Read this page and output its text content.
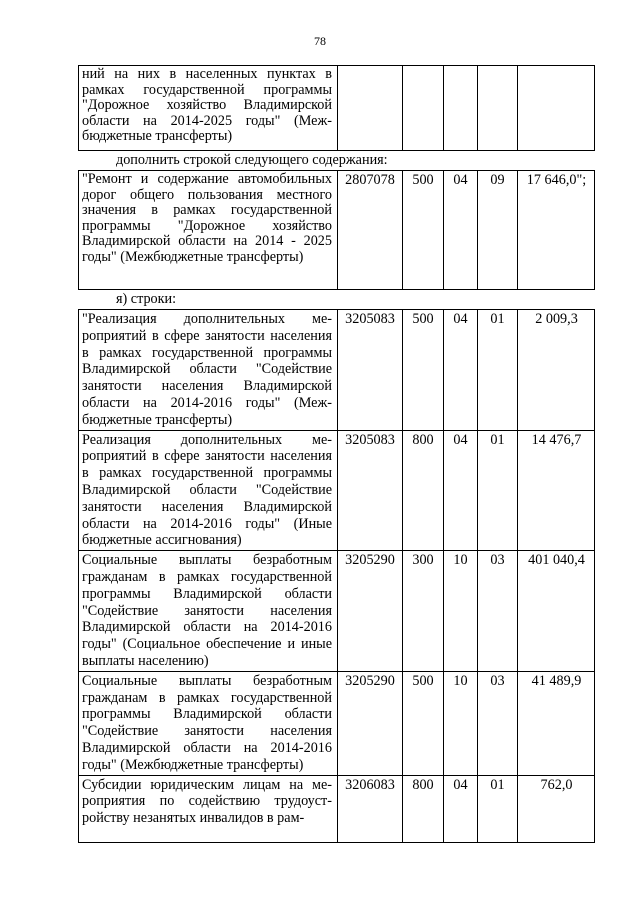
78
ний на них в населенных пунктах в рамках государственной программы "Дорожное хозяйство Владимирской области на 2014-2025 годы" (Межбюджетные трансферты)					
дополнить строкой следующего содержания:
"Ремонт и содержание автомобильных дорог общего пользования местного значения в рамках государственной программы "Дорожное хозяйство Владимирской области на 2014 - 2025 годы" (Межбюджетные трансферты)	2807078	500	04	09	17 646,0";
я) строки:
"Реализация дополнительных мероприятий в сфере занятости населения в рамках государственной программы Владимирской области "Содействие занятости населения Владимирской области на 2014-2016 годы" (Межбюджетные трансферты)	3205083	500	04	01	2 009,3
Реализация дополнительных мероприятий в сфере занятости населения в рамках государственной программы Владимирской области "Содействие занятости населения Владимирской области на 2014-2016 годы" (Иные бюджетные ассигнования)	3205083	800	04	01	14 476,7
Социальные выплаты безработным гражданам в рамках государственной программы Владимирской области "Содействие занятости населения Владимирской области на 2014-2016 годы" (Социальное обеспечение и иные выплаты населению)	3205290	300	10	03	401 040,4
Социальные выплаты безработным гражданам в рамках государственной программы Владимирской области "Содействие занятости населения Владимирской области на 2014-2016 годы" (Межбюджетные трансферты)	3205290	500	10	03	41 489,9
Субсидии юридическим лицам на мероприятия по содействию трудоустройству незанятых инвалидов в рам-	3206083	800	04	01	762,0
